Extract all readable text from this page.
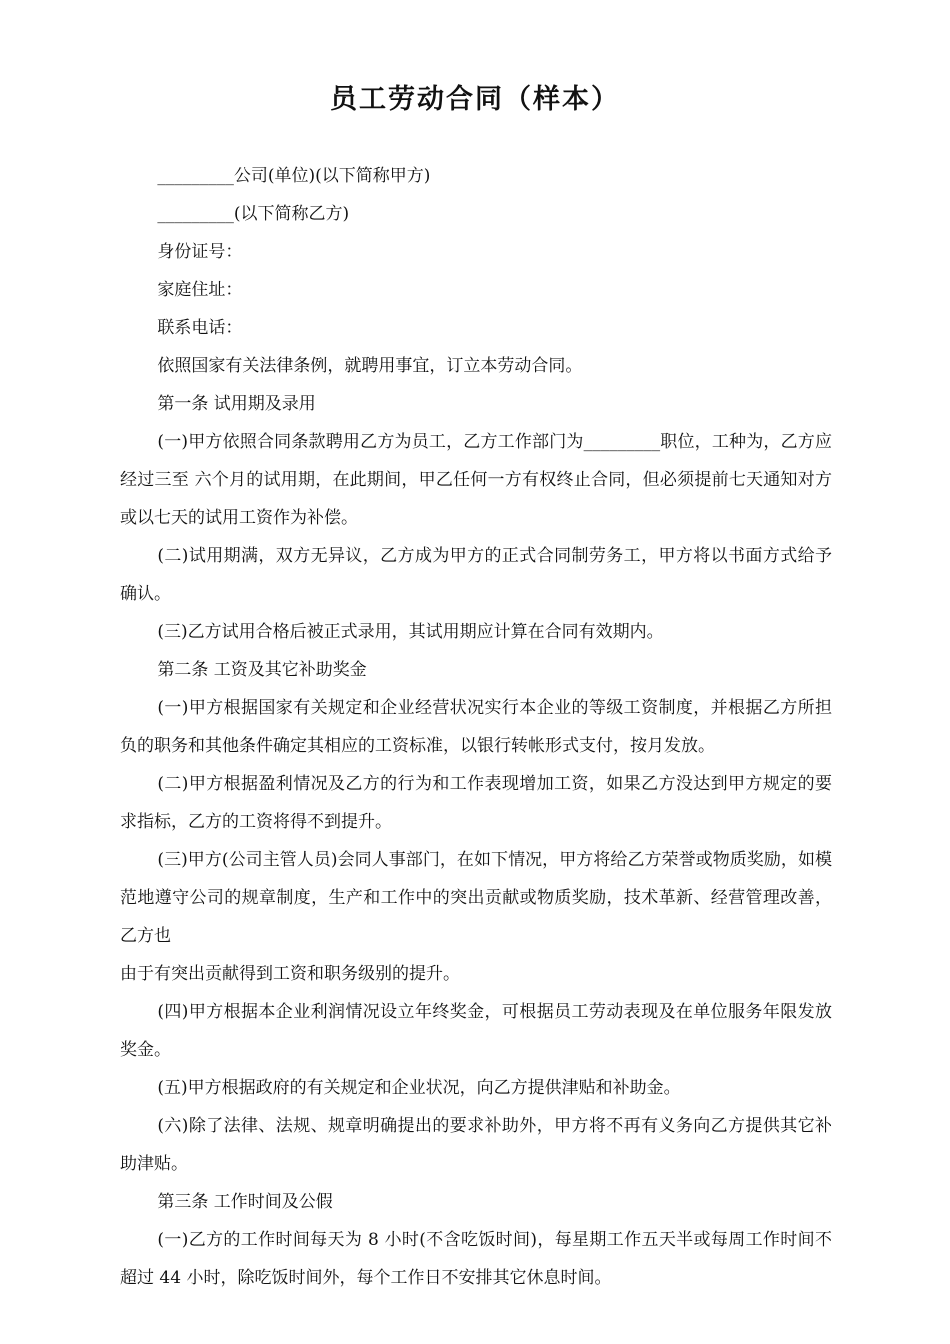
员工劳动合同（样本）

_________公司(单位)(以下简称甲方)

_________(以下简称乙方)

身份证号：

家庭住址：

联系电话：

依照国家有关法律条例，就聘用事宜，订立本劳动合同。

第一条 试用期及录用

(一)甲方依照合同条款聘用乙方为员工，乙方工作部门为_________职位，工种为，乙方应经过三至 六个月的试用期，在此期间，甲乙任何一方有权终止合同，但必须提前七天通知对方或以七天的试用工资作为补偿。

(二)试用期满，双方无异议，乙方成为甲方的正式合同制劳务工，甲方将以书面方式给予确认。

(三)乙方试用合格后被正式录用，其试用期应计算在合同有效期内。

第二条 工资及其它补助奖金

(一)甲方根据国家有关规定和企业经营状况实行本企业的等级工资制度，并根据乙方所担负的职务和其他条件确定其相应的工资标准，以银行转帐形式支付，按月发放。

(二)甲方根据盈利情况及乙方的行为和工作表现增加工资，如果乙方没达到甲方规定的要求指标，乙方的工资将得不到提升。

(三)甲方(公司主管人员)会同人事部门，在如下情况，甲方将给乙方荣誉或物质奖励，如模范地遵守公司的规章制度，生产和工作中的突出贡献或物质奖励，技术革新、经营管理改善，乙方也

由于有突出贡献得到工资和职务级别的提升。

(四)甲方根据本企业利润情况设立年终奖金，可根据员工劳动表现及在单位服务年限发放奖金。

(五)甲方根据政府的有关规定和企业状况，向乙方提供津贴和补助金。

(六)除了法律、法规、规章明确提出的要求补助外，甲方将不再有义务向乙方提供其它补助津贴。

第三条 工作时间及公假

(一)乙方的工作时间每天为 8 小时(不含吃饭时间)，每星期工作五天半或每周工作时间不超过 44 小时，除吃饭时间外，每个工作日不安排其它休息时间。
